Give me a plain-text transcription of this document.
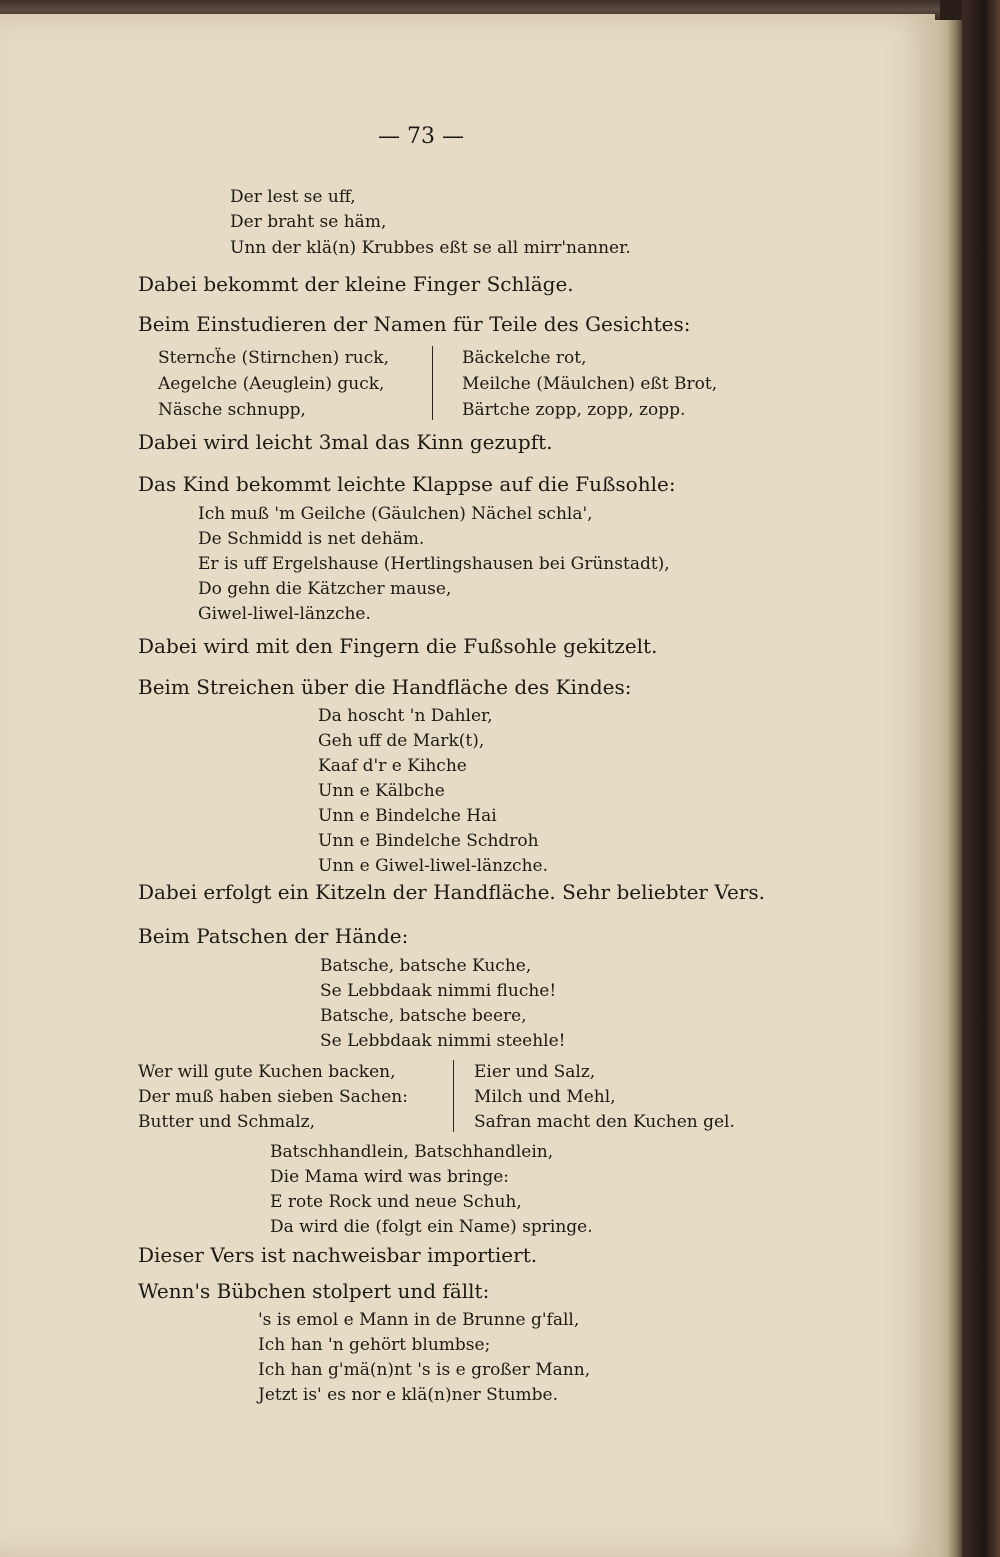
— 73 —
Der lest se uff,
Der braht se häm,
Unn der klä(n) Krubbes eßt se all mirr'nanner.
Dabei bekommt der kleine Finger Schläge.
Beim Einstudieren der Namen für Teile des Gesichtes:
Sterncḧe (Stirnchen) ruck,
Aegelche (Aeuglein) guck,
Näsche schnupp,
Bäckelche rot,
Meilche (Mäulchen) eßt Brot,
Bärtche zopp, zopp, zopp.
Dabei wird leicht 3mal das Kinn gezupft.
Das Kind bekommt leichte Klappse auf die Fußsohle:
Ich muß 'm Geilche (Gäulchen) Nächel schla',
De Schmidd is net dehäm.
Er is uff Ergelshause (Hertlingshausen bei Grünstadt),
Do gehn die Kätzcher mause,
Giwel-liwel-länzche.
Dabei wird mit den Fingern die Fußsohle gekitzelt.
Beim Streichen über die Handfläche des Kindes:
Da hoscht 'n Dahler,
Geh uff de Mark(t),
Kaaf d'r e Kihche
Unn e Kälbche
Unn e Bindelche Hai
Unn e Bindelche Schdroh
Unn e Giwel-liwel-länzche.
Dabei erfolgt ein Kitzeln der Handfläche. Sehr beliebter Vers.
Beim Patschen der Hände:
Batsche, batsche Kuche,
Se Lebbdaak nimmi fluche!
Batsche, batsche beere,
Se Lebbdaak nimmi steehle!
Wer will gute Kuchen backen,
Der muß haben sieben Sachen:
Butter und Schmalz,
Eier und Salz,
Milch und Mehl,
Safran macht den Kuchen gel.
Batschhandlein, Batschhandlein,
Die Mama wird was bringe:
E rote Rock und neue Schuh,
Da wird die (folgt ein Name) springe.
Dieser Vers ist nachweisbar importiert.
Wenn's Bübchen stolpert und fällt:
's is emol e Mann in de Brunne g'fall,
Ich han 'n gehört blumbse;
Ich han g'mä(n)nt 's is e großer Mann,
Jetzt is' es nor e klä(n)ner Stumbe.
